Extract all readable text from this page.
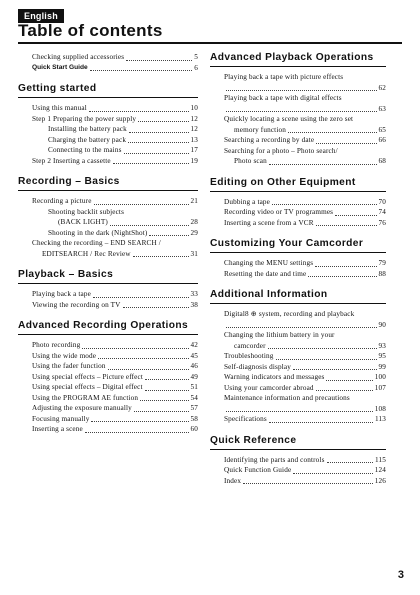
English
Table of contents
Checking supplied accessories	5
Quick Start Guide	6
Getting started
Using this manual	10
Step 1 Preparing the power supply	12
Installing the battery pack	12
Charging the battery pack	13
Connecting to the mains	17
Step 2 Inserting a cassette	19
Recording – Basics
Recording a picture	21
Shooting backlit subjects
(BACK LIGHT)	28
Shooting in the dark (NightShot)	29
Checking the recording – END SEARCH /
EDITSEARCH / Rec Review	31
Playback – Basics
Playing back a tape	33
Viewing the recording on TV	38
Advanced Recording Operations
Photo recording	42
Using the wide mode	45
Using the fader function	46
Using special effects – Picture effect	49
Using special effects – Digital effect	51
Using the PROGRAM AE function	54
Adjusting the exposure manually	57
Focusing manually	58
Inserting a scene	60
Advanced Playback Operations
Playing back a tape with picture effects
62
Playing back a tape with digital effects
63
Quickly locating a scene using the zero set
memory function	65
Searching a recording by date	66
Searching for a photo – Photo search/
Photo scan	68
Editing on Other Equipment
Dubbing a tape	70
Recording video or TV programmes	74
Inserting a scene from a VCR	76
Customizing Your Camcorder
Changing the MENU settings	79
Resetting the date and time	88
Additional Information
Digital8 ⊕ system, recording and playback
90
Changing the lithium battery in your
camcorder	93
Troubleshooting	95
Self-diagnosis display	99
Warning indicators and messages	100
Using your camcorder abroad	107
Maintenance information and precautions
108
Specifications	113
Quick Reference
Identifying the parts and controls	115
Quick Function Guide	124
Index	126
3
